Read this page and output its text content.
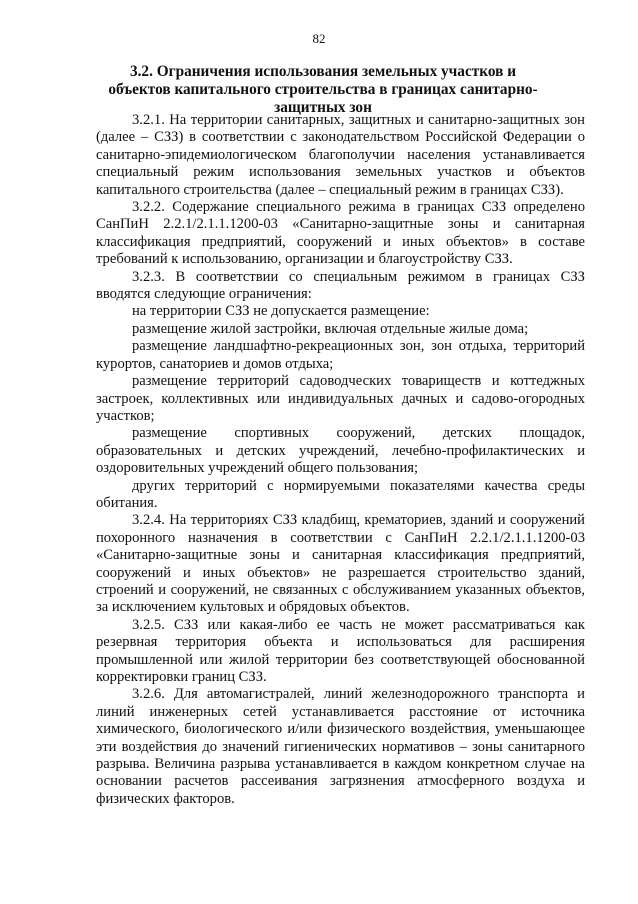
82
3.2. Ограничения использования земельных участков и объектов капитального строительства в границах санитарно-защитных зон

3.2.1. На территории санитарных, защитных и санитарно-защитных зон (далее – СЗЗ) в соответствии с законодательством Российской Федерации о санитарно-эпидемиологическом благополучии населения устанавливается специальный режим использования земельных участков и объектов капитального строительства (далее – специальный режим в границах СЗЗ).

3.2.2. Содержание специального режима в границах СЗЗ определено СанПиН 2.2.1/2.1.1.1200-03 «Санитарно-защитные зоны и санитарная классификация предприятий, сооружений и иных объектов» в составе требований к использованию, организации и благоустройству СЗЗ.

3.2.3. В соответствии со специальным режимом в границах СЗЗ вводятся следующие ограничения:

на территории СЗЗ не допускается размещение:

размещение жилой застройки, включая отдельные жилые дома;

размещение ландшафтно-рекреационных зон, зон отдыха, территорий курортов, санаториев и домов отдыха;

размещение территорий садоводческих товариществ и коттеджных застроек, коллективных или индивидуальных дачных и садово-огородных участков;

размещение спортивных сооружений, детских площадок, образовательных и детских учреждений, лечебно-профилактических и оздоровительных учреждений общего пользования;

других территорий с нормируемыми показателями качества среды обитания.

3.2.4. На территориях СЗЗ кладбищ, крематориев, зданий и сооружений похоронного назначения в соответствии с СанПиН 2.2.1/2.1.1.1200-03 «Санитарно-защитные зоны и санитарная классификация предприятий, сооружений и иных объектов» не разрешается строительство зданий, строений и сооружений, не связанных с обслуживанием указанных объектов, за исключением культовых и обрядовых объектов.

3.2.5. СЗЗ или какая-либо ее часть не может рассматриваться как резервная территория объекта и использоваться для расширения промышленной или жилой территории без соответствующей обоснованной корректировки границ СЗЗ.

3.2.6. Для автомагистралей, линий железнодорожного транспорта и линий инженерных сетей устанавливается расстояние от источника химического, биологического и/или физического воздействия, уменьшающее эти воздействия до значений гигиенических нормативов – зоны санитарного разрыва. Величина разрыва устанавливается в каждом конкретном случае на основании расчетов рассеивания загрязнения атмосферного воздуха и физических факторов.
